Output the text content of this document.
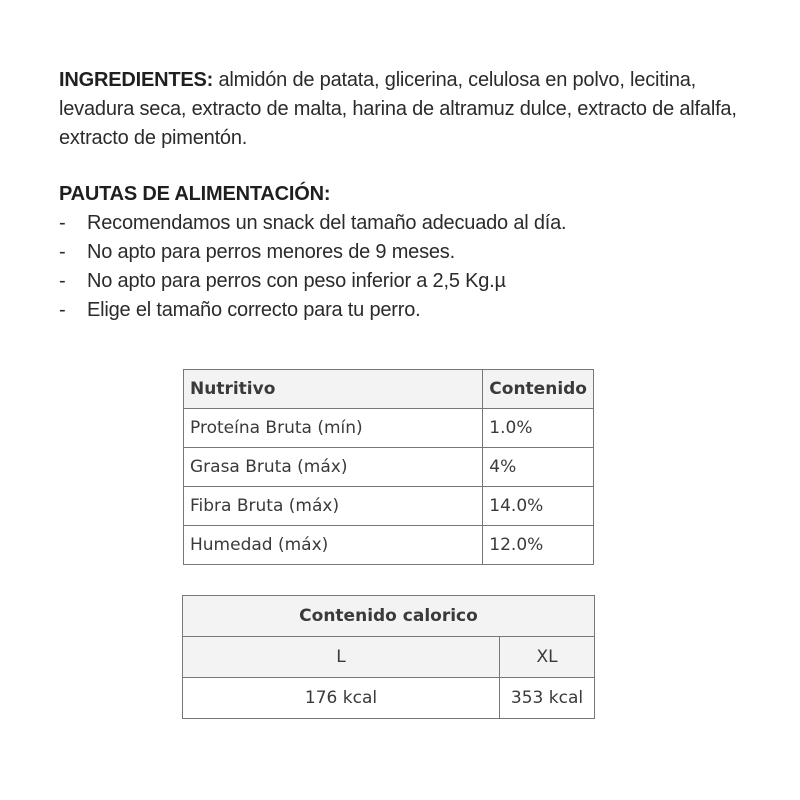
INGREDIENTES: almidón de patata, glicerina, celulosa en polvo, lecitina, levadura seca, extracto de malta, harina de altramuz dulce, extracto de alfalfa, extracto de pimentón.
PAUTAS DE ALIMENTACIÓN:
- Recomendamos un snack del tamaño adecuado al día.
- No apto para perros menores de 9 meses.
- No apto para perros con peso inferior a 2,5 Kg.µ
- Elige el tamaño correcto para tu perro.
Nutritivo	Contenido
Proteína Bruta (mín)	1.0%
Grasa Bruta (máx)	4%
Fibra Bruta (máx)	14.0%
Humedad (máx)	12.0%
Contenido calorico	
L	XL
176 kcal	353 kcal
